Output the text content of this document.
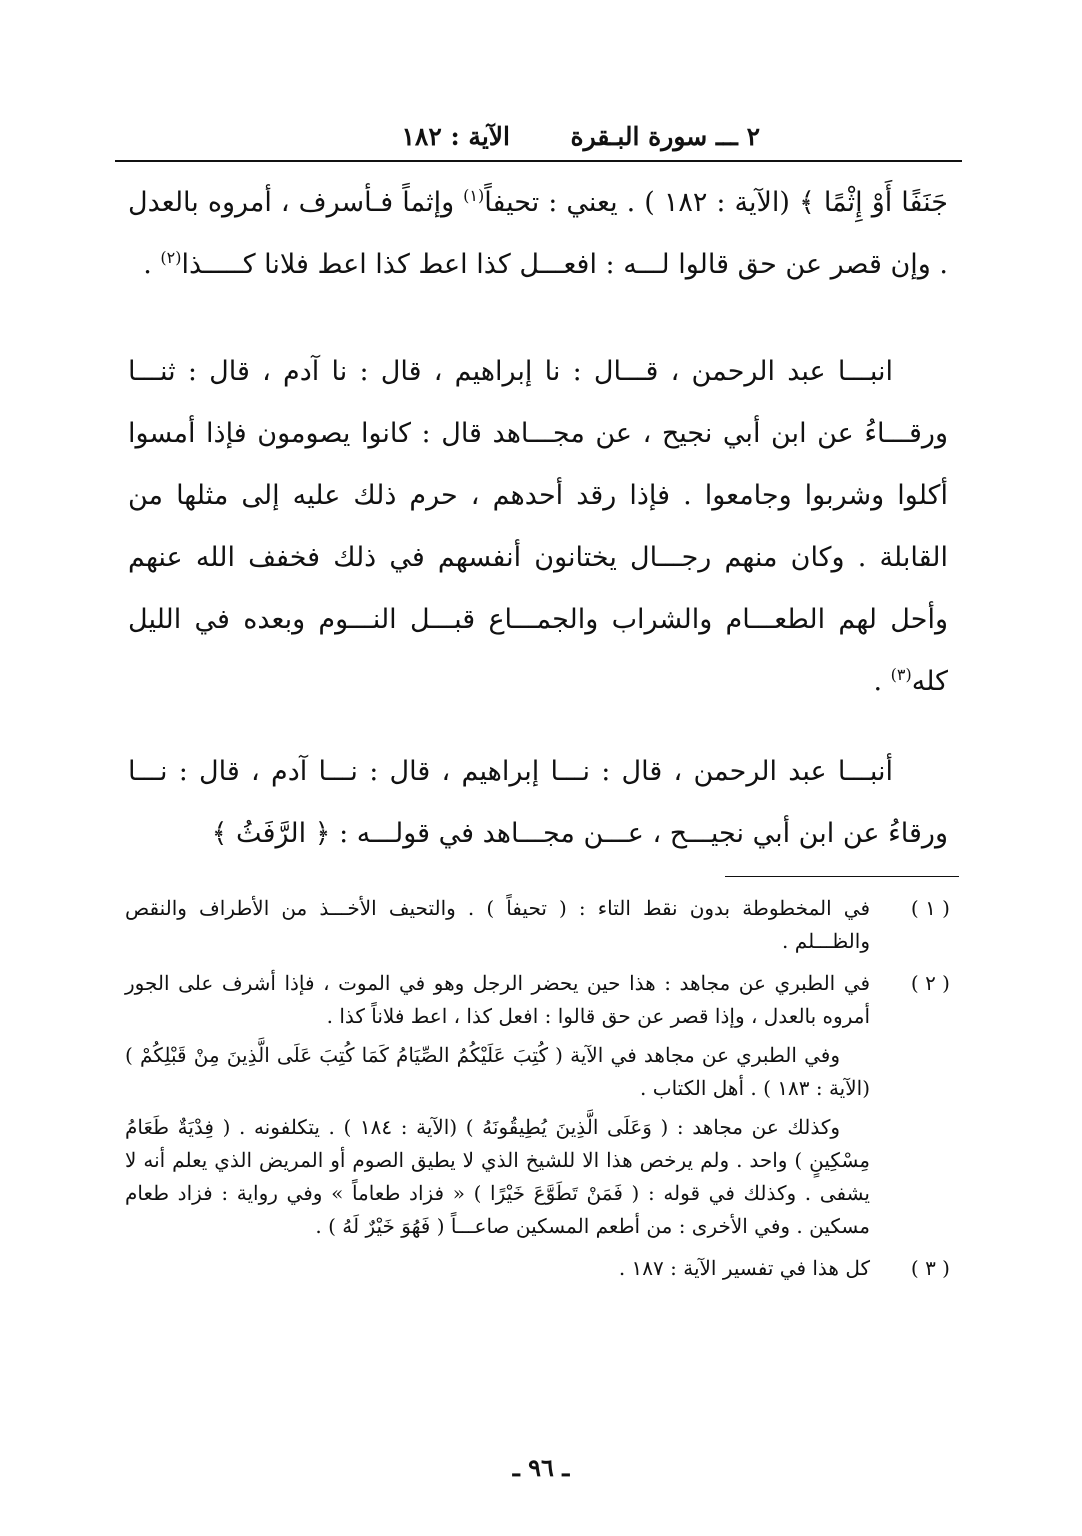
٢ ـــ سورة البـقرة
الآية : ١٨٢

جَنَفًا أَوْ إِثْمًا ﴾ (الآية : ١٨٢ ) . يعني : تحيفاً$^{(١)}$ وإثماً فـأسرف ، أمروه بالعدل . وإن قصر عن حق قالوا لـــه : افعـــل كذا اعط كذا اعط فلانا كـــــذا$^{(٢)}$ .

انبـــا عبد الرحمن ، قـــال : نا إبراهيم ، قال : نا آدم ، قال : ثنـــا ورقـــاءُ عن ابن أبي نجيح ، عن مجـــاهد قال : كانوا يصومون فإذا أمسوا أكلوا وشربوا وجامعوا . فإذا رقد أحدهم ، حرم ذلك عليه إلى مثلها من القابلة . وكان منهم رجـــال يختانون أنفسهم في ذلك فخفف الله عنهم وأحل لهم الطعـــام والشراب والجمـــاع قبـــل النـــوم وبعده في الليل كله$^{(٣)}$ .

أنبـــا عبد الرحمن ، قال : نـــا إبراهيم ، قال : نـــا آدم ، قال : نـــا ورقاءُ عن ابن أبي نجيـــح ، عـــن مجـــاهد في قولـــه : ﴿ الرَّفَثُ ﴾

( ١ )

في المخطوطة بدون نقط التاء : ( تحيفاً ) . والتحيف الأخـــذ من الأطراف والنقص والظـــلم .

( ٢ )

في الطبري عن مجاهد : هذا حين يحضر الرجل وهو في الموت ، فإذا أشرف على الجور أمروه بالعدل ، وإذا قصر عن حق قالوا : افعل كذا ، اعط فلاناً كذا .

وفي الطبري عن مجاهد في الآية ( كُتِبَ عَلَيْكُمُ الصِّيَامُ كَمَا كُتِبَ عَلَى الَّذِينَ مِنْ قَبْلِكُمْ ) (الآية : ١٨٣ ) . أهل الكتاب .

وكذلك عن مجاهد : ( وَعَلَى الَّذِينَ يُطِيقُونَهُ ) (الآية : ١٨٤ ) . يتكلفونه . ( فِدْيَةٌ طَعَامُ مِسْكِينٍ ) واحد . ولم يرخص هذا الا للشيخ الذي لا يطيق الصوم أو المريض الذي يعلم أنه لا يشفى . وكذلك في قوله : ( فَمَنْ تَطَوَّعَ خَيْرًا ) « فزاد طعاماً » وفي رواية : فزاد طعام مسكين . وفي الأخرى : من أطعم المسكين صاعـــاً ( فَهُوَ خَيْرٌ لَهُ ) .

( ٣ )

كل هذا في تفسير الآية : ١٨٧ .

ـ ٩٦ ـ
